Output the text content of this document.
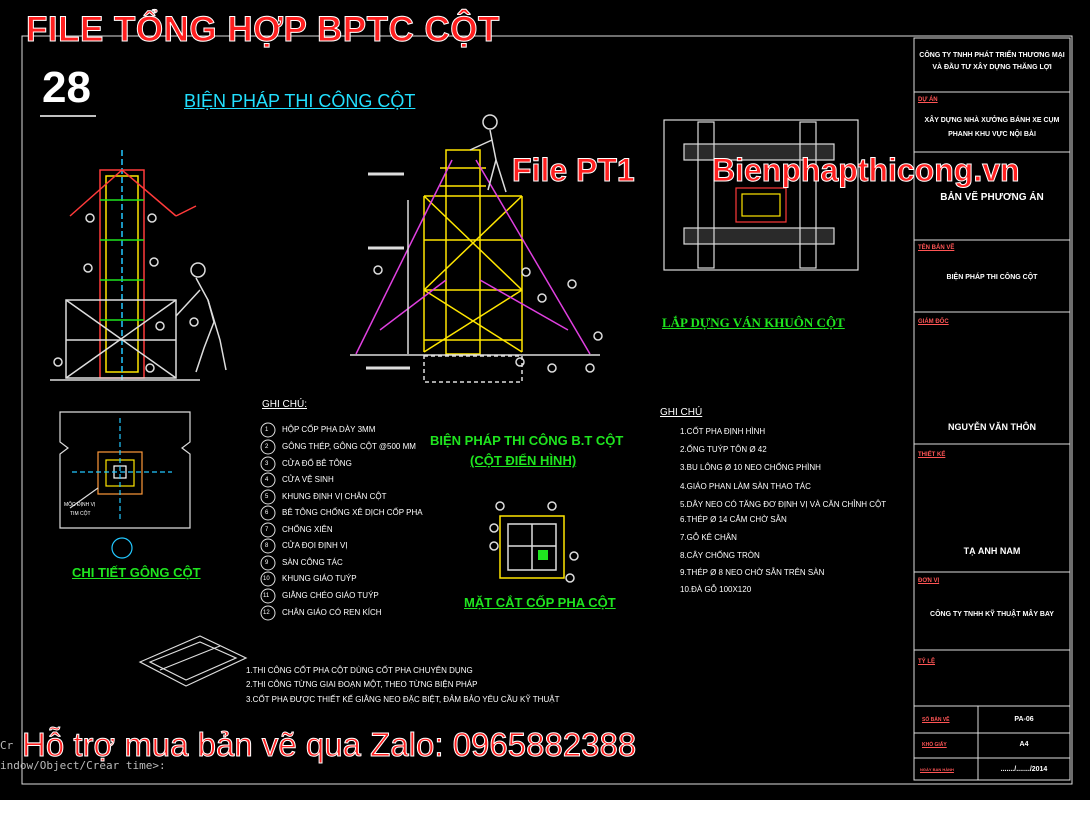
FILE TỔNG HỢP BPTC CỘT
28
File PT1 Bienphapthicong.vn
BIỆN PHÁP THI CÔNG CỘT
CHI TIẾT GÔNG CỘT
BIỆN PHÁP THI CÔNG B.T CỘT
(CỘT ĐIỂN HÌNH)
MẶT CẮT CỐP PHA CỘT
LẮP DỰNG VÁN KHUÔN CỘT
MỐC ĐỊNH VỊ
TIM CỘT
GHI CHÚ:
1 HỘP CỐP PHA DÀY 3MM
2 GÔNG THÉP, GÔNG CỘT @500 MM
3 CỬA ĐỔ BÊ TÔNG
4 CỬA VỆ SINH
5 KHUNG ĐỊNH VỊ CHÂN CỘT
6 BÊ TÔNG CHỐNG XÊ DỊCH CỐP PHA
7 CHỐNG XIÊN
8 CỬA ĐỌI ĐỊNH VỊ
9 SÀN CÔNG TÁC
10 KHUNG GIÁO TUÝP
11 GIẰNG CHÉO GIÁO TUÝP
12 CHÂN GIÁO CÓ REN KÍCH
GHI CHÚ
1.CỐT PHA ĐỊNH HÌNH
2.ỐNG TUÝP TÔN Ø 42
3.BU LÔNG Ø 10 NEO CHỐNG PHÌNH
4.GIÁO PHAN LÀM SÀN THAO TÁC
5.DÂY NEO CÓ TĂNG ĐƠ ĐỊNH VỊ VÀ CĂN CHỈNH CỘT
6.THÉP Ø 14 CẮM CHỜ SẴN
7.GỖ KÊ CHÂN
8.CÂY CHỐNG TRÒN
9.THÉP Ø 8 NEO CHỜ SẴN TRÊN SÀN
10.ĐÀ GỖ 100X120
1.THI CÔNG CỐT PHA CỘT DÙNG CỐT PHA CHUYÊN DỤNG
2.THI CÔNG TỪNG GIAI ĐOẠN MỘT, THEO TỪNG BIỆN PHÁP
3.CỐT PHA ĐƯỢC THIẾT KẾ GIẰNG NEO ĐẶC BIỆT, ĐẢM BẢO YÊU CẦU KỸ THUẬT
CÔNG TY TNHH PHÁT TRIỂN THƯƠNG MẠI VÀ ĐẦU TƯ XÂY DỰNG THĂNG LỢI
DỰ ÁN
XÂY DỰNG NHÀ XƯỞNG BÁNH XE CỤM PHANH KHU VỰC NỘI BÀI
BẢN VẼ PHƯƠNG ÁN
TÊN BẢN VẼ
BIỆN PHÁP THI CÔNG CỘT
GIÁM ĐỐC
NGUYỄN VĂN THÔN
THIẾT KẾ
TẠ ANH NAM
ĐƠN VỊ
CÔNG TY TNHH KỸ THUẬT MÂY BAY
TỶ LỆ
SỐ BẢN VẼ	PA-06
KHỔ GIẤY	A4
NGÀY BAN HÀNH	......./......./2014
Cr
indow/Object/Crear time>:
Hỗ trợ mua bản vẽ qua Zalo: 0965882388
